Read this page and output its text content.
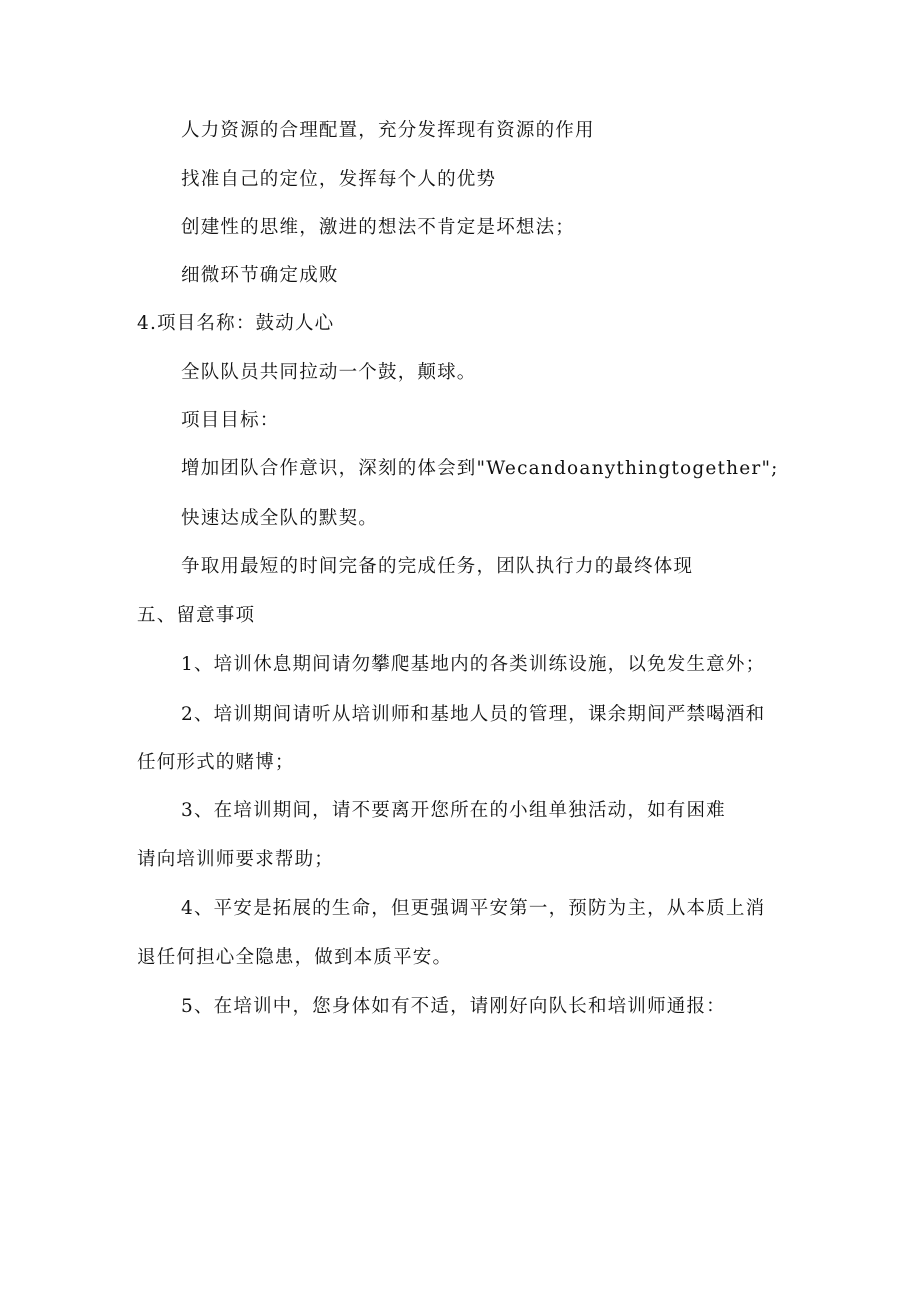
人力资源的合理配置，充分发挥现有资源的作用
找准自己的定位，发挥每个人的优势
创建性的思维，激进的想法不肯定是坏想法；
细微环节确定成败
4.项目名称：鼓动人心
全队队员共同拉动一个鼓，颠球。
项目目标：
增加团队合作意识，深刻的体会到"Wecandoanythingtogether";
快速达成全队的默契。
争取用最短的时间完备的完成任务，团队执行力的最终体现
五、留意事项
1、培训休息期间请勿攀爬基地内的各类训练设施，以免发生意外；
2、培训期间请听从培训师和基地人员的管理，课余期间严禁喝酒和
任何形式的赌博；
3、在培训期间，请不要离开您所在的小组单独活动，如有困难
请向培训师要求帮助；
4、平安是拓展的生命，但更强调平安第一，预防为主，从本质上消
退任何担心全隐患，做到本质平安。
5、在培训中，您身体如有不适，请刚好向队长和培训师通报：
